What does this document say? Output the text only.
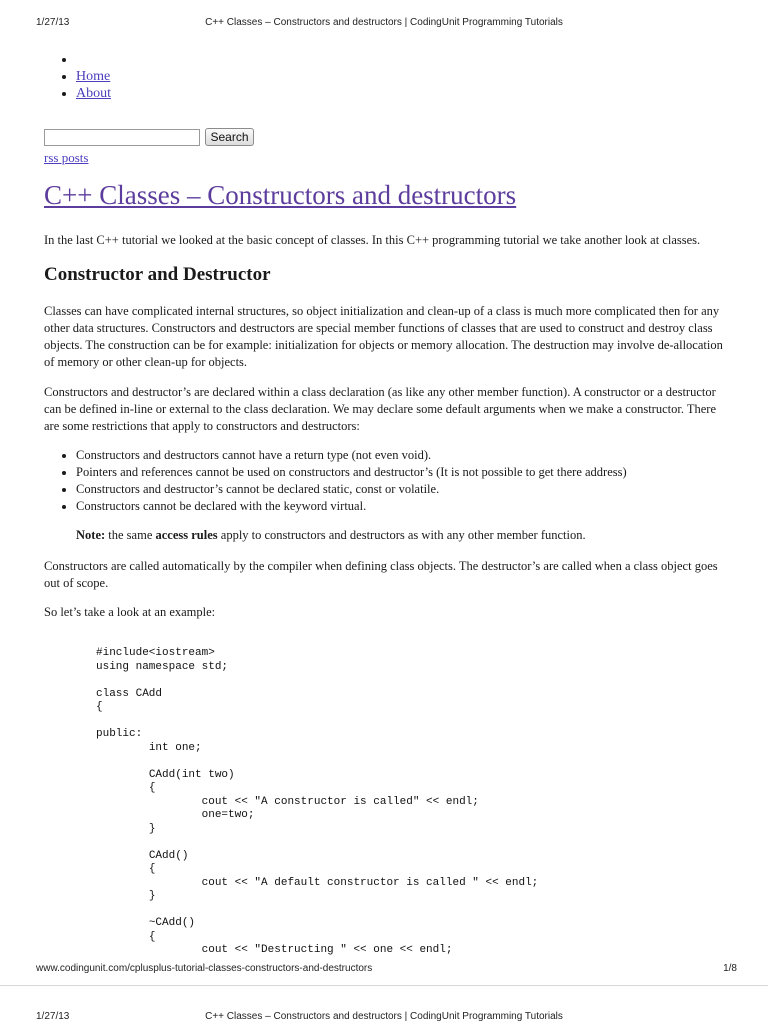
1/27/13	C++ Classes – Constructors and destructors | CodingUnit Programming Tutorials
•
• Home
• About
Search
rss posts
C++ Classes – Constructors and destructors

In the last C++ tutorial we looked at the basic concept of classes. In this C++ programming tutorial we take another look at classes.

Constructor and Destructor

Classes can have complicated internal structures, so object initialization and clean-up of a class is much more complicated then for any other data structures. Constructors and destructors are special member functions of classes that are used to construct and destroy class objects. The construction can be for example: initialization for objects or memory allocation. The destruction may involve de-allocation of memory or other clean-up for objects.

Constructors and destructor’s are declared within a class declaration (as like any other member function). A constructor or a destructor can be defined in-line or external to the class declaration. We may declare some default arguments when we make a constructor. There are some restrictions that apply to constructors and destructors:

• Constructors and destructors cannot have a return type (not even void).
• Pointers and references cannot be used on constructors and destructor’s (It is not possible to get there address)
• Constructors and destructor’s cannot be declared static, const or volatile.
• Constructors cannot be declared with the keyword virtual.
Note: the same access rules apply to constructors and destructors as with any other member function.

Constructors are called automatically by the compiler when defining class objects. The destructor’s are called when a class object goes out of scope.

So let’s take a look at an example:

#include<iostream>
using namespace std;

class CAdd
{

public:
	int one;

	CAdd(int two)
	{
		cout << "A constructor is called" << endl;
		one=two;
	}

	CAdd()
	{
		cout << "A default constructor is called " << endl;
	}

	~CAdd()
	{
		cout << "Destructing " << one << endl;
www.codingunit.com/cplusplus-tutorial-classes-constructors-and-destructors	1/8
1/27/13	C++ Classes – Constructors and destructors | CodingUnit Programming Tutorials
